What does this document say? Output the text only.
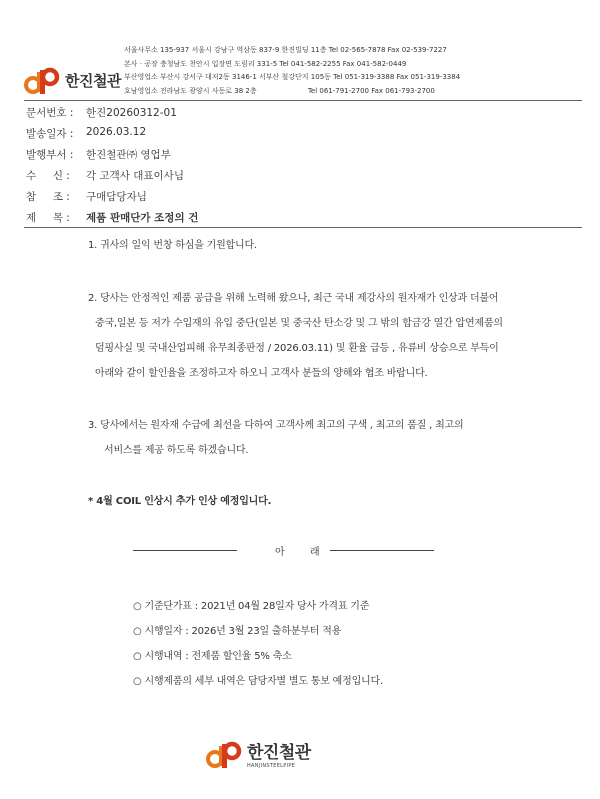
한진철관
서울사무소 135-937 서울시 강남구 역삼동 837-9 한진빌딩 11층 Tel 02-565-7878 Fax 02-539-7227
본사 · 공장 충청남도 천안시 입장면 도림리 331-5 Tel 041-582-2255 Fax 041-582-0449
부산영업소 부산시 강서구 대저2동 3146-1 서부산 철강단지 105동 Tel 051-319-3388 Fax 051-319-3384
호남영업소 전라남도 광양시 사동로 38 2층                       Tel 061-791-2700 Fax 061-793-2700
문서번호 :	한진20260312-01
발송일자 :	2026.03.12
발행부서 :	한진철관㈜ 영업부
수     신 :	각 고객사 대표이사님
참     조 :	구매담당자님
제     목 :	제품 판매단가 조정의 건
1. 귀사의 일익 번창 하심을 기원합니다.
2. 당사는 안정적인 제품 공급을 위해 노력해 왔으나, 최근 국내 제강사의 원자재가 인상과 더불어
중국,일본 등 저가 수입재의 유입 중단(일본 및 중국산 탄소강 및 그 밖의 합금강 열간 압연제품의
덤핑사실 및 국내산업피해 유무최종판정 / 2026.03.11) 및 환율 급등 , 유류비 상승으로 부득이
아래와 같이 할인율을 조정하고자 하오니 고객사 분들의 양해와 협조 바랍니다.
3. 당사에서는 원자재 수급에 최선을 다하여 고객사께 최고의 구색 , 최고의 품질 , 최고의
서비스를 제공 하도록 하겠습니다.
* 4월 COIL 인상시 추가 인상 예정입니다.
아	래
○ 기준단가표 : 2021년 04월 28일자 당사 가격표 기준
○ 시행일자 : 2026년 3월 23일 출하분부터 적용
○ 시행내역 : 전제품 할인율 5% 축소
○ 시행제품의 세부 내역은 담당자별 별도 통보 예정입니다.
한진철관
HANJINSTEELPIPE
